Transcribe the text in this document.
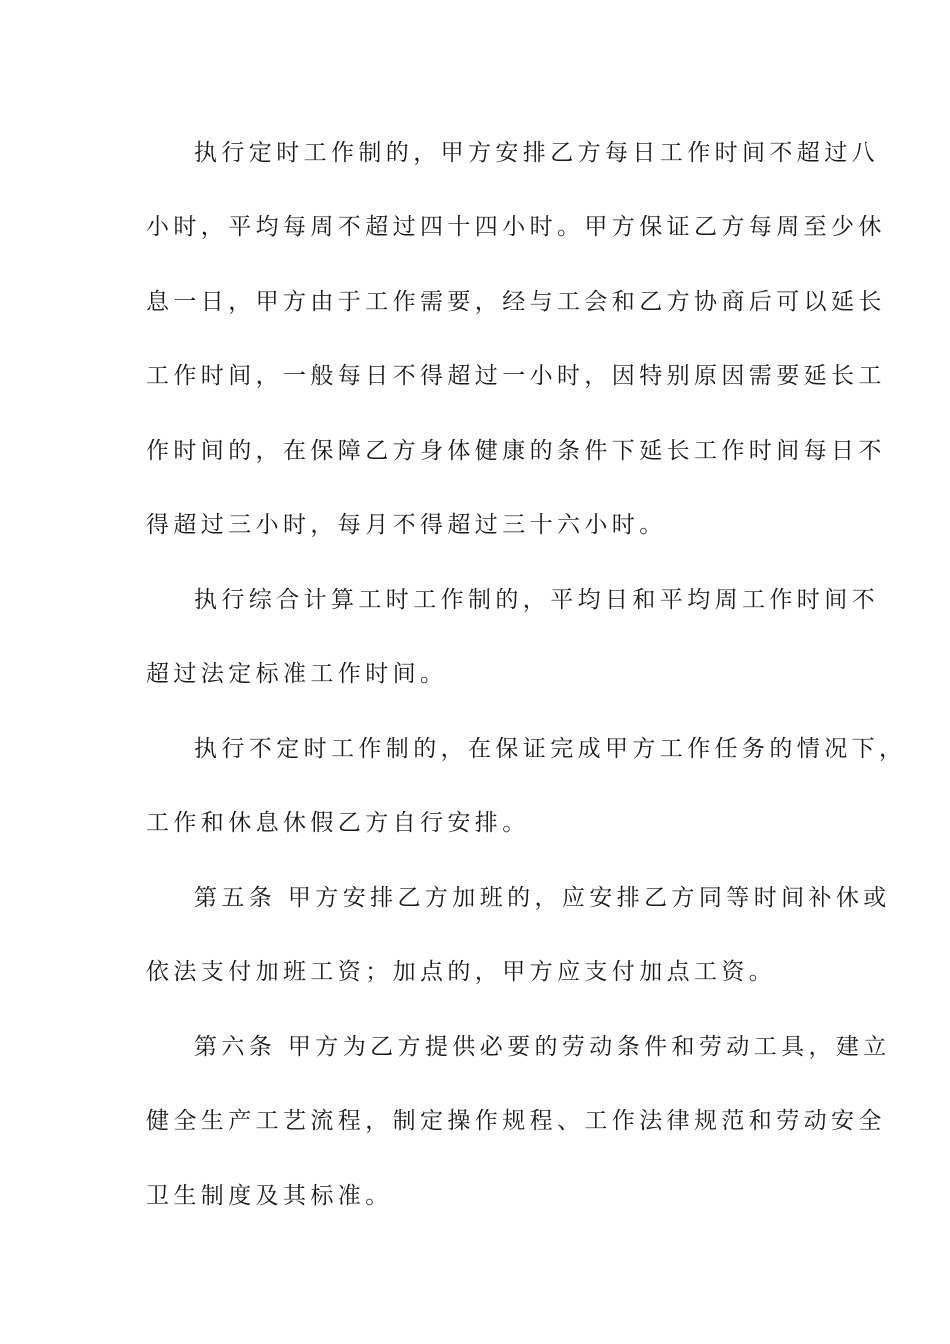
执行定时工作制的，甲方安排乙方每日工作时间不超过八
小时，平均每周不超过四十四小时。甲方保证乙方每周至少休
息一日，甲方由于工作需要，经与工会和乙方协商后可以延长
工作时间，一般每日不得超过一小时，因特别原因需要延长工
作时间的，在保障乙方身体健康的条件下延长工作时间每日不
得超过三小时，每月不得超过三十六小时。
执行综合计算工时工作制的，平均日和平均周工作时间不
超过法定标准工作时间。
执行不定时工作制的，在保证完成甲方工作任务的情况下，
工作和休息休假乙方自行安排。
第五条 甲方安排乙方加班的，应安排乙方同等时间补休或
依法支付加班工资；加点的，甲方应支付加点工资。
第六条 甲方为乙方提供必要的劳动条件和劳动工具，建立
健全生产工艺流程，制定操作规程、工作法律规范和劳动安全
卫生制度及其标准。
